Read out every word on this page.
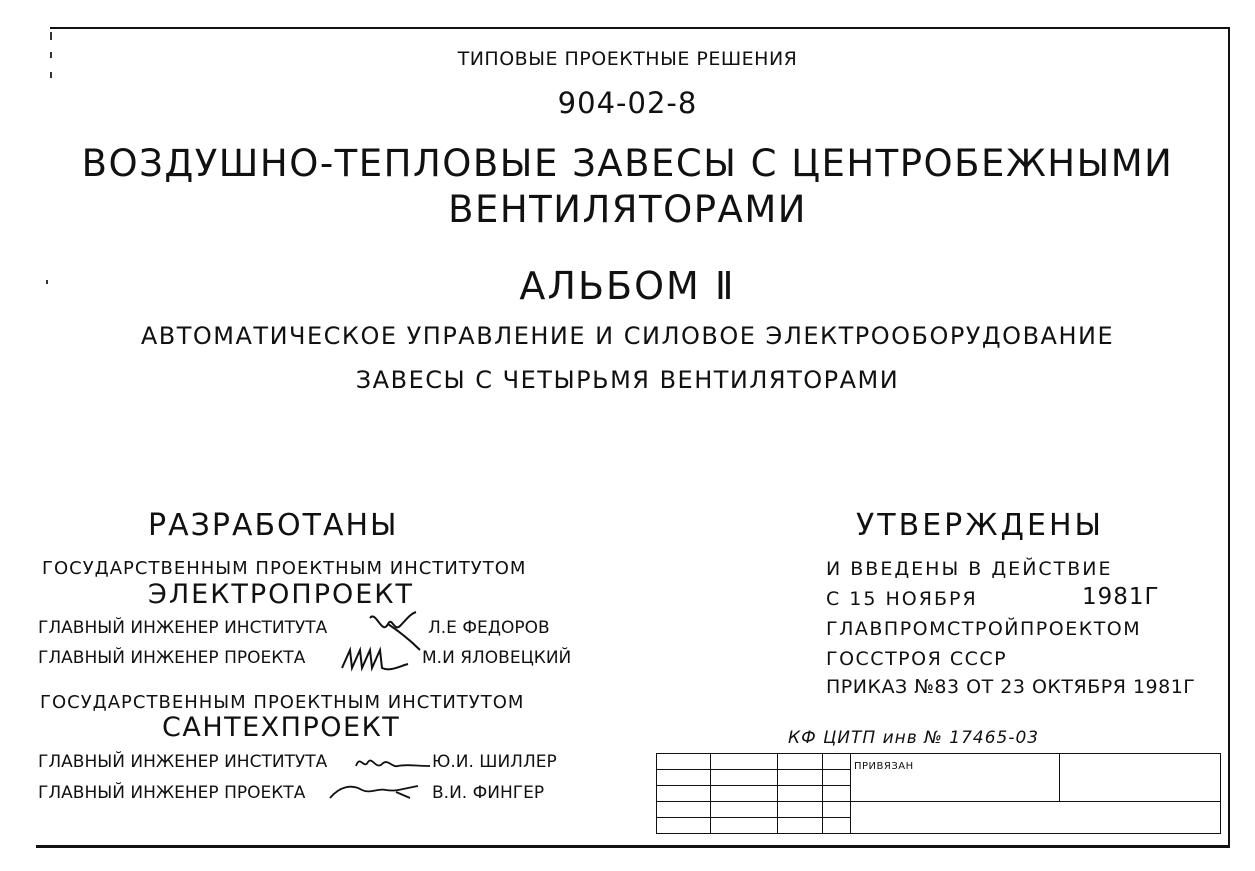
ТИПОВЫЕ ПРОЕКТНЫЕ РЕШЕНИЯ
904-02-8
ВОЗДУШНО-ТЕПЛОВЫЕ ЗАВЕСЫ С ЦЕНТРОБЕЖНЫМИ
ВЕНТИЛЯТОРАМИ
АЛЬБОМ Ⅱ
АВТОМАТИЧЕСКОЕ УПРАВЛЕНИЕ И СИЛОВОЕ ЭЛЕКТРООБОРУДОВАНИЕ
ЗАВЕСЫ С ЧЕТЫРЬМЯ ВЕНТИЛЯТОРАМИ
РАЗРАБОТАНЫ
ГОСУДАРСТВЕННЫМ ПРОЕКТНЫМ ИНСТИТУТОМ
ЭЛЕКТРОПРОЕКТ
ГЛАВНЫЙ ИНЖЕНЕР ИНСТИТУТА	Л.Е ФЕДОРОВ
ГЛАВНЫЙ ИНЖЕНЕР ПРОЕКТА	М.И ЯЛОВЕЦКИЙ
ГОСУДАРСТВЕННЫМ ПРОЕКТНЫМ ИНСТИТУТОМ
САНТЕХПРОЕКТ
ГЛАВНЫЙ ИНЖЕНЕР ИНСТИТУТА	Ю.И. ШИЛЛЕР
ГЛАВНЫЙ ИНЖЕНЕР ПРОЕКТА	В.И. ФИНГЕР
УТВЕРЖДЕНЫ
И ВВЕДЕНЫ В ДЕЙСТВИЕ
С 15 НОЯБРЯ	1981Г
ГЛАВПРОМСТРОЙПРОЕКТОМ
ГОССТРОЯ СССР
ПРИКАЗ №83 ОТ 23 ОКТЯБРЯ 1981Г
КФ ЦИТП инв № 17465-03
				ПРИВЯЗАН	
